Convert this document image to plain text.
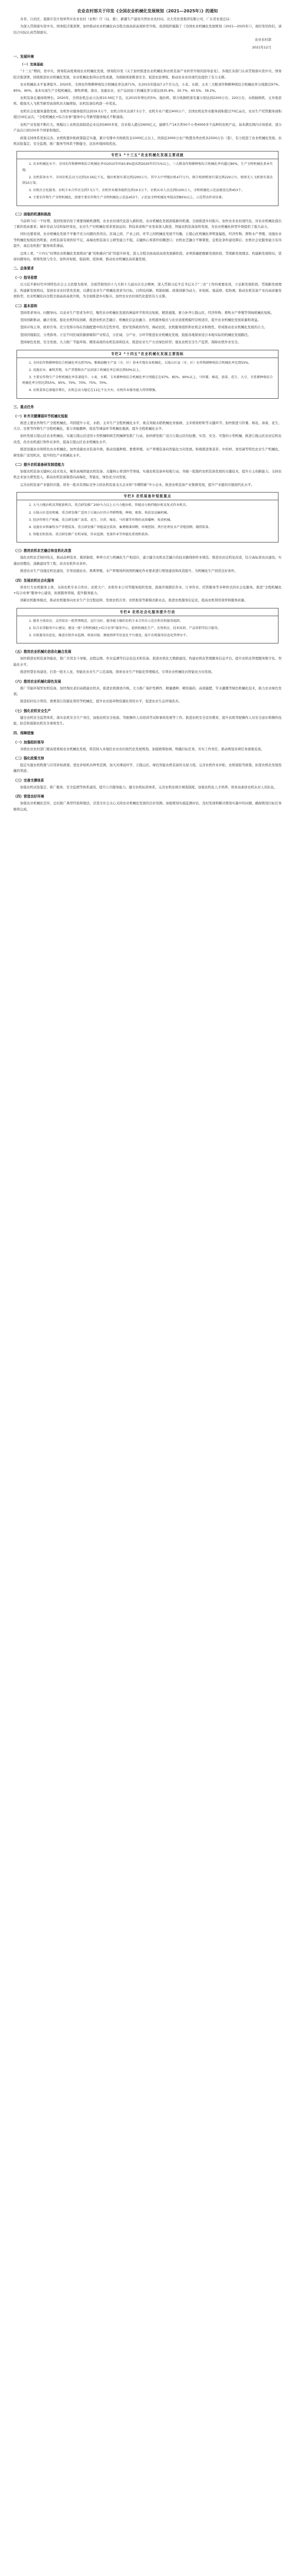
农业农村部关于印发《全国农业机械化发展规划（2021—2025年）》的通知
各省、自治区、直辖市及计划单列市农业农村（农牧）厅（局、委），新疆生产建设兵团农业农村局，北大荒农垦集团有限公司、广东省农垦总局：
为深入贯彻落实党中央、国务院决策部署，加快推动农业机械化向全程全面高质高效转型升级，我部组织编制了《全国农业机械化发展规划（2021—2025年）》，现印发给你们，请结合实际认真贯彻落实。
农业农村部
2021年12月
一、发展环境
（一）发展基础
“十三五”期间，党中央、国务院高度重视农业机械化发展，国务院印发《关于加快推进农业机械化和农机装备产业转型升级的指导意见》，各地区各部门认真贯彻落实党中央、国务院决策部署，持续推进农业机械化发展，农业机械化取得历史性成就，为保障国家粮食安全、促进农民增收、推动农业农村现代化提供了有力支撑。
农业机械化水平显著提升。2020年，全国农作物耕种收综合机械化率达到71%，比2015年提高7.2个百分点，小麦、水稻、玉米三大粮食作物耕种收综合机械化率分别超过97%、85%、90%，基本实现生产全程机械化。畜牧养殖、渔业、设施农业、农产品初加工机械化率分别达到35.8%、30.7%、40.5%、39.2%。
农机装备总量持续增长。2020年，全国农机总动力达到10.56亿千瓦，比2015年增长约5%。拖拉机、联合收割机保有量分别达到2200万台、220万台，水稻插秧机、玉米收获机、植保无人飞机等新型高效机具大幅增加，农机装备结构进一步优化。
农机社会化服务蓬勃发展。农机作业服务组织达到19.5万个，农机合作社达到7.5万个，农机专业户超过400万户，全国农机化作业服务面积超过70亿亩次，农业生产托管服务面积超过16亿亩次。“全程机械化+综合农事”服务中心等新型服务模式不断涌现。
农机产业发展不断壮大。规模以上农机装备制造企业达到1800多家，营业收入超过2600亿元，能够生产14大类50个小类4000多个品种的农机产品，基本满足国内市场需求，部分产品出口到150多个国家和地区。
政策支持体系更加完善。农机购置补贴政策稳定实施，累计安排中央财政资金1000亿元以上，扶持近2000万农户购置各类农机具2500万台（套），有力促进了农业机械化发展。农机试验鉴定、安全监理、推广服务等体系不断健全，法治环境持续优化。
专栏1 “十三五”农业机械化发展主要成就
1. 农业机械化水平。全国农作物耕种收综合机械化率由2015年的63.8%提高到2020年的71%以上，三大粮食作物耕种收综合机械化率均超过80%，生产全程机械化基本实现。
2. 农机装备水平。全国农机总动力达到10.56亿千瓦，拖拉机保有量达到2200万台，其中大中型拖拉机477万台，联合收割机保有量达到220万台，植保无人飞机保有量达到10万架。
3. 农机社会化服务。农机专业合作社达到7.5万个，农机作业服务组织达到19.5万个，农机从业人员达到5100万人，全程机械化示范县建设达到453个。
4. 主要农作物生产全程机械化。创建主要农作物生产全程机械化示范县453个，示范县全程机械化率提高到85%以上，示范带动作用显著。
（二）面临的机遇和挑战
当前和今后一个时期，我国发展仍处于重要战略机遇期，农业农村现代化进入新阶段，农业机械化发展面临新的机遇。全面推进乡村振兴、加快农业农村现代化，对农业机械化提出了新的更高要求；城乡劳动力结构加快变化，农业生产对机械化需求更加迫切；科技革命和产业变革深入推进，智能农机装备加快发展，为农业机械化转型升级提供了强大动力。
同时也要看到，农业机械化发展不平衡不充分问题仍然突出。区域之间、产业之间、环节之间机械化发展不均衡，丘陵山区机械化率明显偏低，经济作物、畜牧水产养殖、设施农业等机械化短板依然明显；农机装备有效供给不足，高端农机装备自主研发能力不强，关键核心零部件依赖进口；农机农艺融合不够紧密，宜机化条件建设滞后；农机社会化服务能力有待提升，基层农机推广服务体系薄弱。
总体上看，“十四五”时期农业机械化发展将由“量”的积累向“质”的提升转变，进入全程全面高质高效发展新阶段。必须准确把握新发展阶段、贯彻新发展理念、构建新发展格局，坚持问题导向，统筹发展与安全，加快补短板、强弱项、促协调，推动农业机械化高质量发展。
二、总体要求
（一）指导思想
以习近平新时代中国特色社会主义思想为指导，全面贯彻党的十九大和十九届历次全会精神，深入贯彻习近平总书记关于“三农”工作的重要论述，立足新发展阶段、贯彻新发展理念、构建新发展格局，坚持农业农村优先发展，以满足农业生产机械化需求为目标，以科技创新、机制创新、政策创新为动力，补短板、强弱项、促协调，推动农机装备产业向高质量发展转型、农业机械化向全程全面高质高效升级，为全面推进乡村振兴、加快农业农村现代化提供有力支撑。
（二）基本原则
坚持需求导向、问题导向。以农业生产需求为牵引，聚焦农业机械化发展的薄弱环节和突出短板，精准施策，着力补齐丘陵山区、经济作物、畜牧水产养殖等领域机械化短板。
坚持创新驱动、融合发展。强化农机科技创新，推进农机农艺融合、机械化信息化融合、农机服务模式与农业适度规模经营相适应，提升农业机械化发展质量和效益。
坚持市场主导、政府引导。充分发挥市场在资源配置中的决定性作用，更好发挥政府作用，调动农民、农机服务组织和农机企业积极性，形成推动农业机械化发展的合力。
坚持因地制宜、分类指导。立足不同区域资源禀赋和产业特点，分区域、分产业、分环节推进农业机械化发展，鼓励各地探索适合本地实际的机械化发展路径。
坚持绿色发展、安全发展。大力推广节能环保、精准高效的农机装备和技术，推进农业生产方式绿色转型；强化农机安全生产监管，保障农机作业安全。
专栏2 “十四五”农业机械化发展主要指标
1. 全国农作物耕种收综合机械化率达到75%，粮棉油糖主产县（市、区）基本实现农业机械化，丘陵山区县（市、区）农作物耕种收综合机械化率达到55%。
2. 设施农业、畜牧养殖、水产养殖和农产品初加工机械化率总体达到50%以上。
3. 主要农作物生产全程机械化率显著提升，小麦、水稻、玉米耕种收综合机械化率分别稳定在97%、85%、90%以上，马铃薯、棉花、油菜、花生、大豆、甘蔗耕种收综合机械化率分别达到55%、95%、70%、70%、75%、70%。
4. 农机装备总量稳步增长，农机总动力稳定在11亿千瓦左右，农机作业服务能力持续增强。
三、重点任务
（一）补齐关键薄弱环节机械化短板
推进主要农作物生产全程机械化。巩固提升小麦、水稻、玉米生产全程机械化水平，重点突破水稻机械化育插秧、玉米机收籽粒等关键环节。加快推进马铃薯、棉花、油菜、花生、大豆、甘蔗等作物生产全程机械化，着力突破播种、收获等薄弱环节机械化瓶颈，提升全程机械化水平。
加快发展丘陵山区农业机械化。实施丘陵山区适用小型机械和园艺机械研发推广行动，加快研发推广适合丘陵山区的轻便、实用、安全、可靠的小型机械，推进丘陵山区农田宜机化改造，改善农机通行和作业条件，提高丘陵山区农业机械化水平。
推进设施农业和特色农业机械化。加快设施农业装备升级，推动设施种植、畜禽养殖、水产养殖装备向智能化方向发展。积极推进果菜茶、中药材、食用菌等特色农业生产机械化，研发推广适用机具，提升特色产业机械化水平。
（二）提升农机装备研发制造能力
加强农机装备关键核心技术攻关，聚焦高端智能农机装备、关键核心零部件等领域，实施农机装备补短板行动，突破一批制约农机装备发展的关键技术，提升自主创新能力。支持农机企业加大研发投入，推动农机装备制造向高端化、智能化、绿色化方向发展。
完善农机装备产业链供应链，培育一批具有国际竞争力的农机装备龙头企业和“专精特新”中小企业，推进农机装备产业集群发展，提升产业链供应链现代化水平。
专栏3 农机装备补短板重点
1. 大马力拖拉机及其配套机具。重点研发推广200马力以上大马力拖拉机、智能动力换挡拖拉机及复式作业机具。
2. 丘陵山区适用机械。重点研发推广适用于丘陵山区的小型耕整地、种植、植保、收获及运输机械。
3. 经济作物生产机械。重点研发推广油菜、花生、甘蔗、棉花、马铃薯等作物的高效播种、收获机械。
4. 设施农业和畜牧水产养殖装备。重点研发推广智能温室装备、畜禽精准饲喂、环境控制、粪污处理及水产养殖投喂、捕捞装备。
5. 智能农机装备。重点研发推广农机导航、作业监测、变量作业等智能化系统和装备。
（三）推进农机农艺融合和宜机化改造
强化农机农艺协同攻关，推动品种选育、栽培制度、种养方式与机械化生产相适应，建立健全农机农艺融合的技术路线和作业规范。推进农田宜机化改造，结合高标准农田建设，实施田块整治、道路建设等工程，改善农机作业条件。
推进农业生产设施宜机化建设，引导设施农业、畜禽养殖、水产养殖场所按照机械化作业要求进行规划建设和改造提升，为机械化生产创造良好条件。
（四）发展农机社会化服务
培育壮大农机服务主体，支持农机专业合作社、农机大户、农机作业公司等服务组织发展，鼓励开展跨区作业、订单作业、托管服务等多种形式的社会化服务。推进“全程机械化+综合农事”服务中心建设，拓展服务领域，提升服务能力。
创新农机服务模式，推动农机服务向农业生产全过程延伸，发展农机共享、农机租赁等新模式新业态，推进农机服务信息化，提高农机利用效率和服务质量。
专栏4 农机社会化服务提升行动
1. 服务主体培育。支持培育一批管理规范、运行良好、服务能力强的农机专业合作社示范社和农机服务组织。
2. 综合农事服务中心建设。建设一批“全程机械化+综合农事”服务中心，提供机械化生产、农资供应、技术培训、产品营销等综合服务。
3. 农机服务信息化。推进农机作业监测、供需对接、调度指挥等信息化平台建设，提升农机服务信息化管理水平。
（五）推进农业机械化信息化融合发展
加快推进农机装备智能化，推广应用北斗导航、远程运维、作业监测等信息化技术和装备。推进农机化大数据建设，构建农机化管理服务信息平台，提升农机化管理服务数字化、智能化水平。
推进智慧农场建设，打造一批无人化、智能化农业生产示范基地，探索农业生产智能化管理模式，引领农业机械化向智能化方向发展。
（六）推进农业机械化绿色发展
推广节能环保型农机装备，加快淘汰老旧高耗能农机具，推进农机排放升级。大力推广保护性耕作、精量播种、精准施药、高效施肥、节水灌溉等绿色机械化技术，助力农业绿色发展。
推进秸秆综合利用、畜禽粪污资源化利用等机械化，提升农业废弃物资源化利用水平，促进农业生态环境改善。
（七）强化农机安全生产
健全农机安全监管体系，落实农机安全生产责任，加强农机安全检验、驾驶操作人员培训考试和事故处理等工作。推进农机安全宣传教育，提升农机驾驶操作人员安全意识和操作技能，防范和遏制农机安全事故发生。
四、保障措施
（一）加强组织领导
各级农业农村部门要高度重视农业机械化发展，将其纳入本地区农业农村现代化发展规划，加强统筹协调，明确目标任务，压实工作责任，推动规划各项任务落地见效。
（二）强化政策支持
稳定实施农机购置与应用补贴政策，优化补贴机具种类范围，加大对薄弱环节、丘陵山区、绿色智能农机装备的支持力度。完善农机作业补贴、农机保险等政策，拓宽农机化发展投融资渠道。
（三）完善支撑体系
加强农机试验鉴定、推广服务、安全监理等体系建设，提升公共服务能力。健全农机标准体系，完善农机化统计调查制度。加强农机化人才培养，培育高素质农机从业人员队伍。
（四）营造良好环境
加强农业机械化宣传，总结推广典型经验和做法，营造全社会关心支持农业机械化发展的良好氛围。加强规划实施监测评估，及时发现和解决规划实施中的问题，确保规划目标任务顺利完成。
